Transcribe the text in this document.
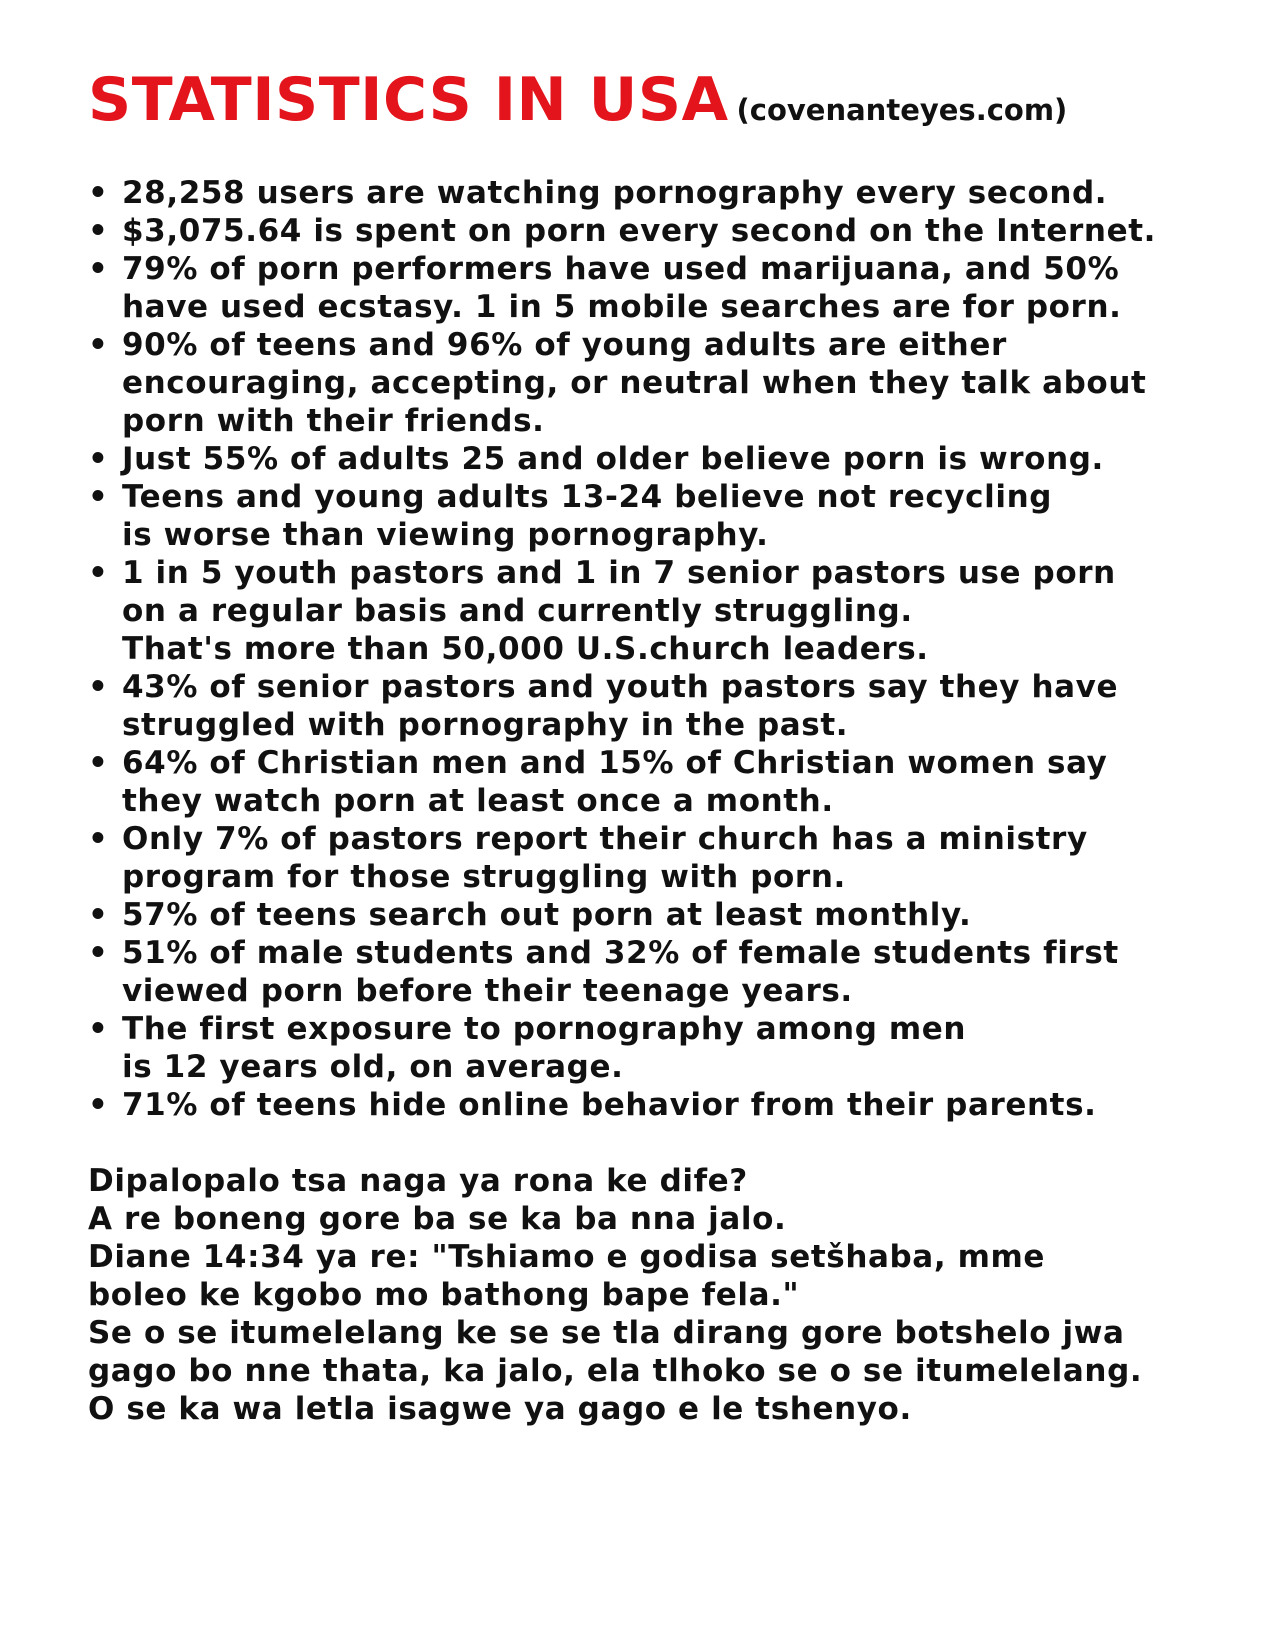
STATISTICS IN USA (covenanteyes.com)
• 28,258 users are watching pornography every second.
• $3,075.64 is spent on porn every second on the Internet.
• 79% of porn performers have used marijuana, and 50%
have used ecstasy. 1 in 5 mobile searches are for porn.
• 90% of teens and 96% of young adults are either
encouraging, accepting, or neutral when they talk about
porn with their friends.
• Just 55% of adults 25 and older believe porn is wrong.
• Teens and young adults 13-24 believe not recycling
is worse than viewing pornography.
• 1 in 5 youth pastors and 1 in 7 senior pastors use porn
on a regular basis and currently struggling.
That's more than 50,000 U.S.church leaders.
• 43% of senior pastors and youth pastors say they have
struggled with pornography in the past.
• 64% of Christian men and 15% of Christian women say
they watch porn at least once a month.
• Only 7% of pastors report their church has a ministry
program for those struggling with porn.
• 57% of teens search out porn at least monthly.
• 51% of male students and 32% of female students first
viewed porn before their teenage years.
• The first exposure to pornography among men
is 12 years old, on average.
• 71% of teens hide online behavior from their parents.
Dipalopalo tsa naga ya rona ke dife?
A re boneng gore ba se ka ba nna jalo.
Diane 14:34 ya re: "Tshiamo e godisa setšhaba, mme
boleo ke kgobo mo bathong bape fela."
Se o se itumelelang ke se se tla dirang gore botshelo jwa
gago bo nne thata, ka jalo, ela tlhoko se o se itumelelang.
O se ka wa letla isagwe ya gago e le tshenyo.
